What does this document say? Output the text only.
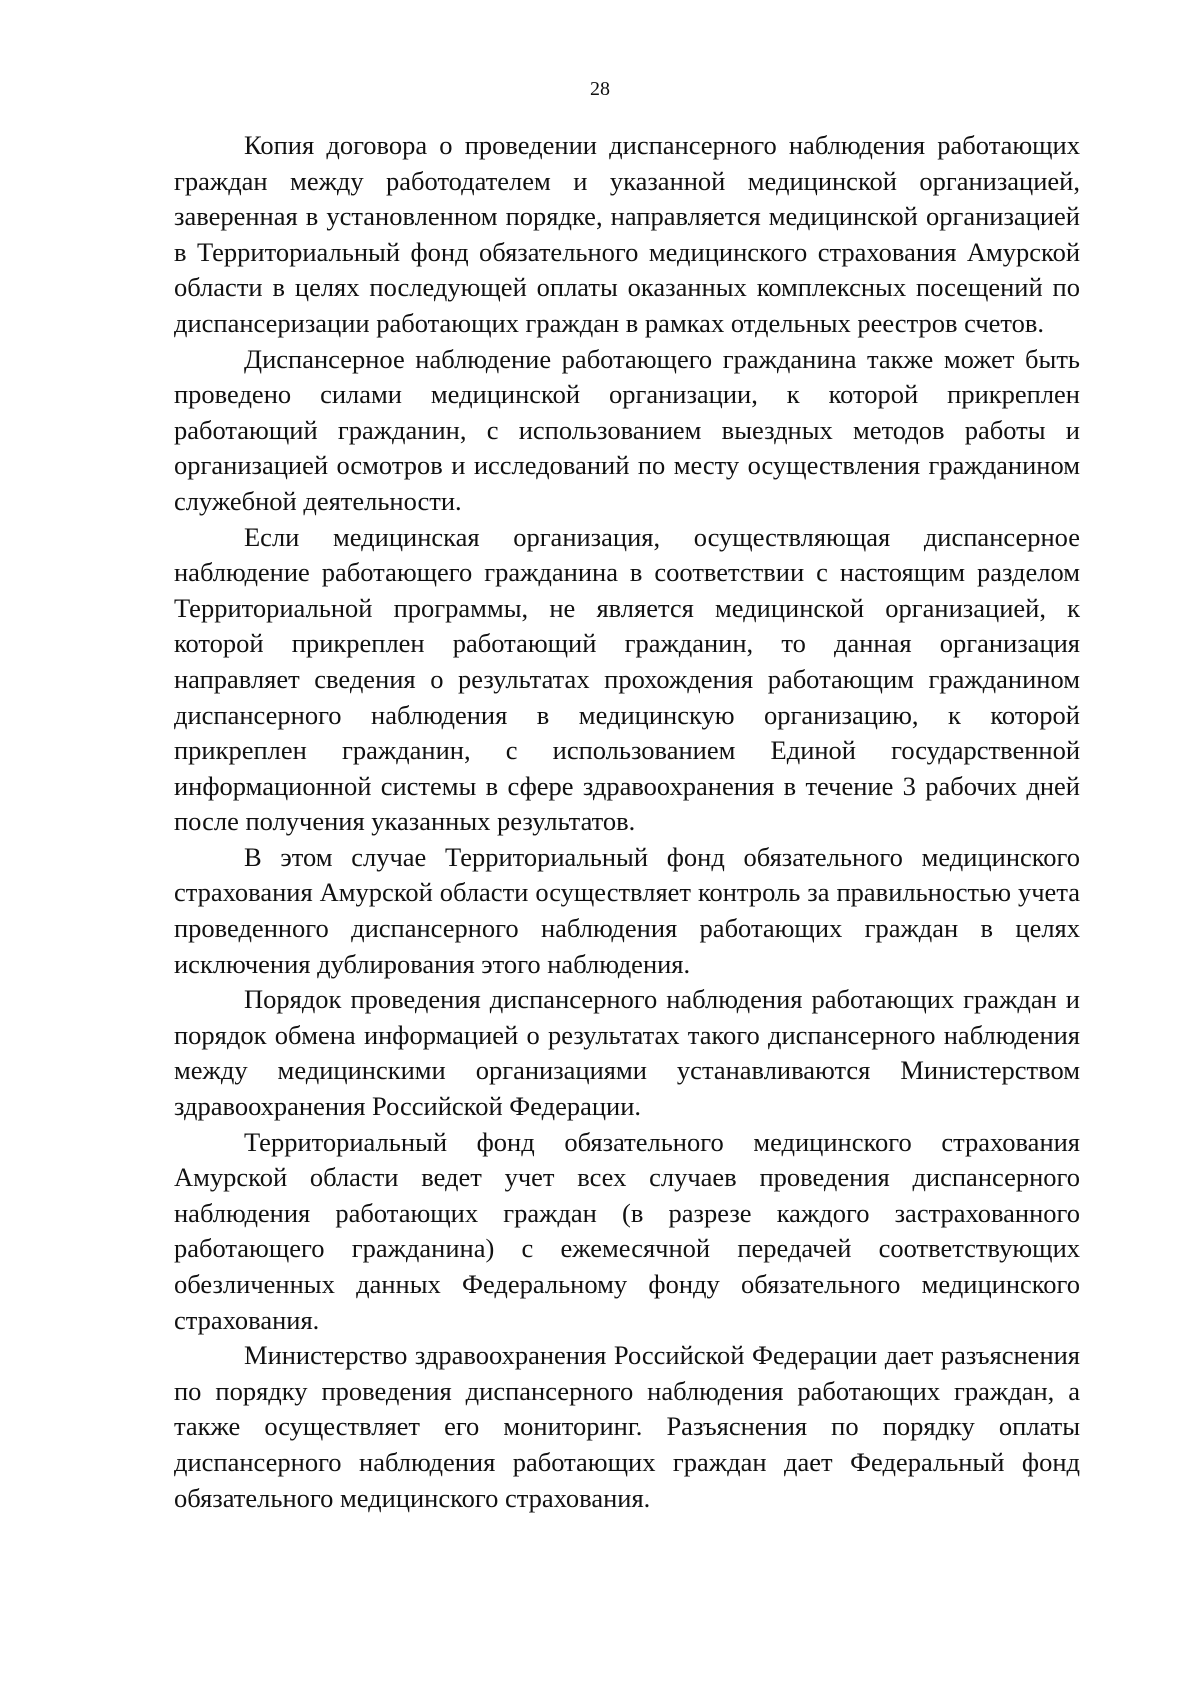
28

Копия договора о проведении диспансерного наблюдения работающих граждан между работодателем и указанной медицинской организацией, заверенная в установленном порядке, направляется медицинской организацией в Территориальный фонд обязательного медицинского страхования Амурской области в целях последующей оплаты оказанных комплексных посещений по диспансеризации работающих граждан в рамках отдельных реестров счетов.

Диспансерное наблюдение работающего гражданина также может быть проведено силами медицинской организации, к которой прикреплен работающий гражданин, с использованием выездных методов работы и организацией осмотров и исследований по месту осуществления гражданином служебной деятельности.

Если медицинская организация, осуществляющая диспансерное наблюдение работающего гражданина в соответствии с настоящим разделом Территориальной программы, не является медицинской организацией, к которой прикреплен работающий гражданин, то данная организация направляет сведения о результатах прохождения работающим гражданином диспансерного наблюдения в медицинскую организацию, к которой прикреплен гражданин, с использованием Единой государственной информационной системы в сфере здравоохранения в течение 3 рабочих дней после получения указанных результатов.

В этом случае Территориальный фонд обязательного медицинского страхования Амурской области осуществляет контроль за правильностью учета проведенного диспансерного наблюдения работающих граждан в целях исключения дублирования этого наблюдения.

Порядок проведения диспансерного наблюдения работающих граждан и порядок обмена информацией о результатах такого диспансерного наблюдения между медицинскими организациями устанавливаются Министерством здравоохранения Российской Федерации.

Территориальный фонд обязательного медицинского страхования Амурской области ведет учет всех случаев проведения диспансерного наблюдения работающих граждан (в разрезе каждого застрахованного работающего гражданина) с ежемесячной передачей соответствующих обезличенных данных Федеральному фонду обязательного медицинского страхования.

Министерство здравоохранения Российской Федерации дает разъяснения по порядку проведения диспансерного наблюдения работающих граждан, а также осуществляет его мониторинг. Разъяснения по порядку оплаты диспансерного наблюдения работающих граждан дает Федеральный фонд обязательного медицинского страхования.
